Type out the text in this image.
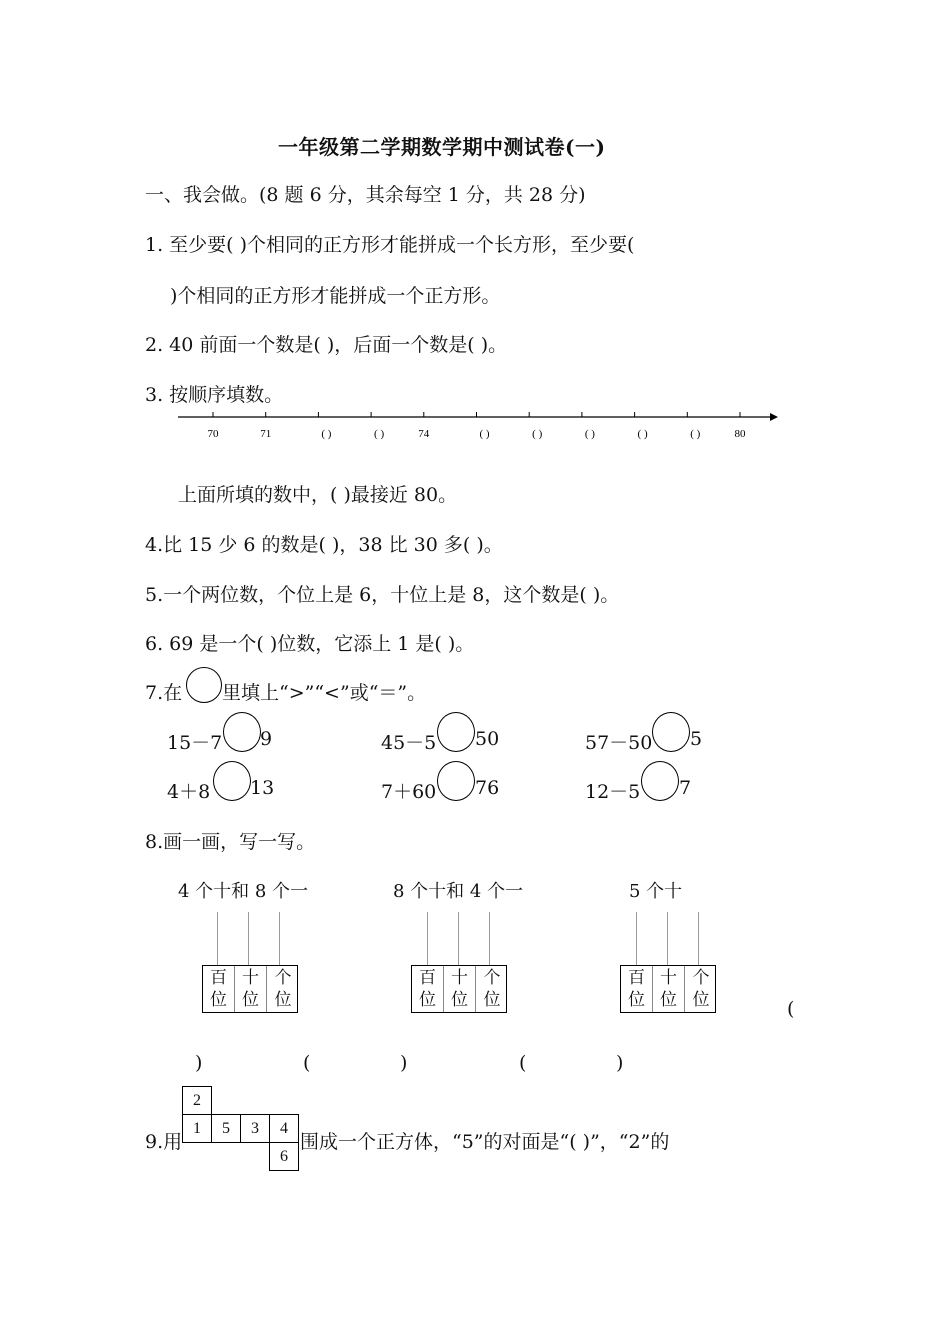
一年级第二学期数学期中测试卷(一)
一、我会做。(8 题 6 分，其余每空 1 分，共 28 分)
1. 至少要( )个相同的正方形才能拼成一个长方形，至少要(
)个相同的正方形才能拼成一个正方形。
2. 40 前面一个数是( )，后面一个数是( )。
3. 按顺序填数。
70	71	( )	( )	74	( )	( )	( )	( )	( )	80
上面所填的数中，( )最接近 80。
4.比 15 少 6 的数是( )，38 比 30 多( )。
5.一个两位数，个位上是 6，十位上是 8，这个数是( )。
6. 69 是一个( )位数，它添上 1 是( )。
7.在 里填上“>”“<”或“＝”。
15－7 9	45－5 50	57－50 5
4＋8 13	7＋60 76	12－5 7
8.画一画，写一写。
4 个十和 8 个一	8 个十和 4 个一	5 个十
百
位
十
位
个
位
百
位
十
位
个
位
百
位
十
位
个
位	(
)	(	)	(	)
9.用
2
1	5	3	4
6
围成一个正方体，“5”的对面是“( )”，“2”的
